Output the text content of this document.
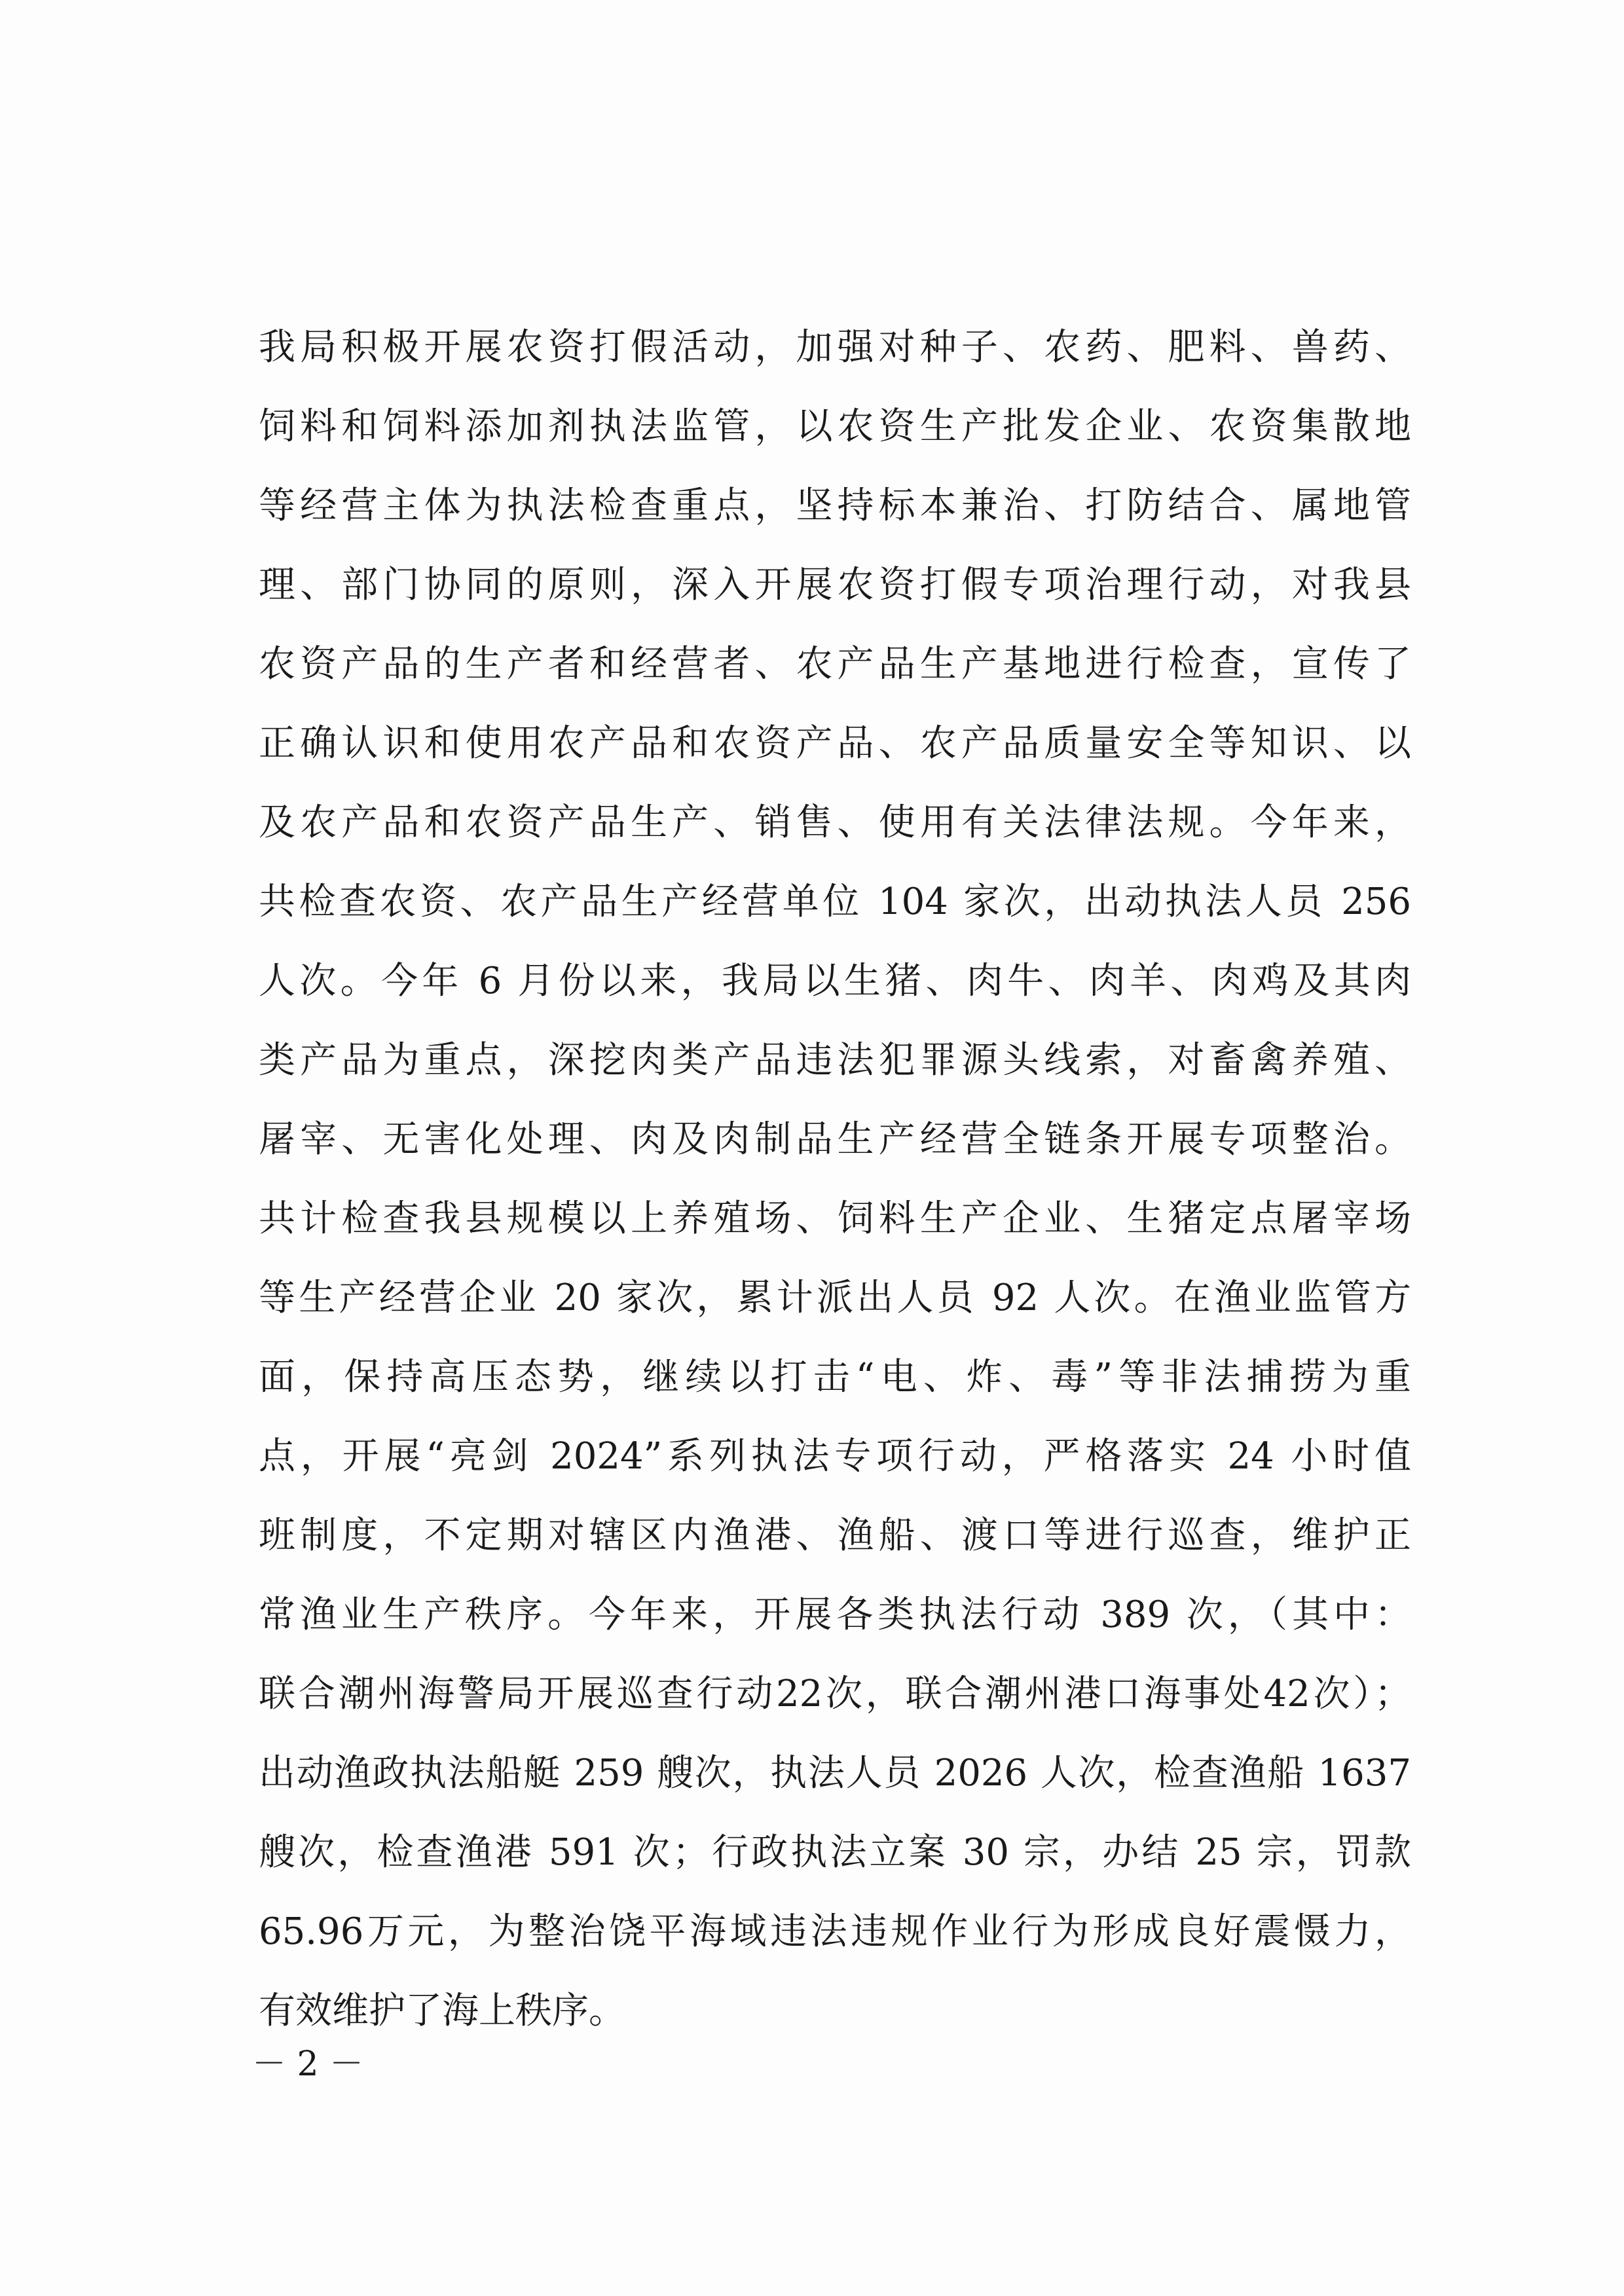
我局积极开展农资打假活动，加强对种子、农药、肥料、兽药、
饲料和饲料添加剂执法监管，以农资生产批发企业、农资集散地
等经营主体为执法检查重点，坚持标本兼治、打防结合、属地管
理、部门协同的原则，深入开展农资打假专项治理行动，对我县
农资产品的生产者和经营者、农产品生产基地进行检查，宣传了
正确认识和使用农产品和农资产品、农产品质量安全等知识、以
及农产品和农资产品生产、销售、使用有关法律法规。今年来，
共检查农资、农产品生产经营单位 104 家次，出动执法人员 256
人次。今年 6 月份以来，我局以生猪、肉牛、肉羊、肉鸡及其肉
类产品为重点，深挖肉类产品违法犯罪源头线索，对畜禽养殖、
屠宰、无害化处理、肉及肉制品生产经营全链条开展专项整治。
共计检查我县规模以上养殖场、饲料生产企业、生猪定点屠宰场
等生产经营企业 20 家次，累计派出人员 92 人次。在渔业监管方
面，保持高压态势，继续以打击“电、炸、毒”等非法捕捞为重
点，开展“亮剑 2024”系列执法专项行动，严格落实 24 小时值
班制度，不定期对辖区内渔港、渔船、渡口等进行巡查，维护正
常渔业生产秩序。今年来，开展各类执法行动 389 次，（其中：
联合潮州海警局开展巡查行动22次，联合潮州港口海事处42次）；
出动渔政执法船艇 259 艘次，执法人员 2026 人次，检查渔船 1637
艘次，检查渔港 591 次；行政执法立案 30 宗，办结 25 宗，罚款
65.96万元，为整治饶平海域违法违规作业行为形成良好震慑力，
有效维护了海上秩序。
－ 2 －
